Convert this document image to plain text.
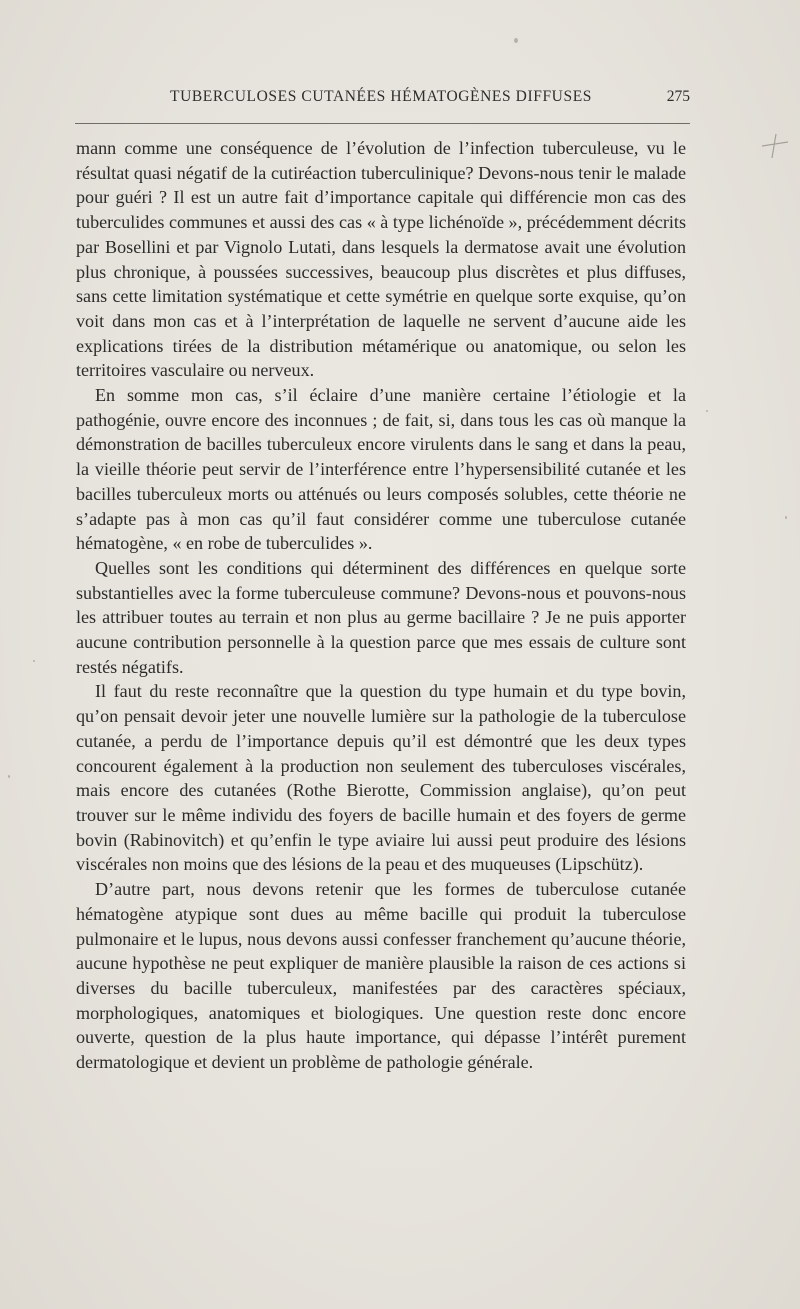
TUBERCULOSES CUTANÉES HÉMATOGÈNES DIFFUSES	275

mann comme une conséquence de l’évolution de l’infection tuberculeuse, vu le résultat quasi négatif de la cutiréaction tuberculinique? Devons-nous tenir le malade pour guéri ? Il est un autre fait d’importance capitale qui différencie mon cas des tuberculides communes et aussi des cas « à type lichénoïde », précédemment décrits par Bosellini et par Vignolo Lutati, dans lesquels la dermatose avait une évolution plus chronique, à poussées successives, beaucoup plus discrètes et plus diffuses, sans cette limitation systématique et cette symétrie en quelque sorte exquise, qu’on voit dans mon cas et à l’interprétation de laquelle ne servent d’aucune aide les explications tirées de la distribution métamérique ou anatomique, ou selon les territoires vasculaire ou nerveux.

En somme mon cas, s’il éclaire d’une manière certaine l’étiologie et la pathogénie, ouvre encore des inconnues ; de fait, si, dans tous les cas où manque la démonstration de bacilles tuberculeux encore virulents dans le sang et dans la peau, la vieille théorie peut servir de l’interférence entre l’hypersensibilité cutanée et les bacilles tuberculeux morts ou atténués ou leurs composés solubles, cette théorie ne s’adapte pas à mon cas qu’il faut considérer comme une tuberculose cutanée hématogène, « en robe de tuberculides ».

Quelles sont les conditions qui déterminent des différences en quelque sorte substantielles avec la forme tuberculeuse commune? Devons-nous et pouvons-nous les attribuer toutes au terrain et non plus au germe bacillaire ? Je ne puis apporter aucune contribution personnelle à la question parce que mes essais de culture sont restés négatifs.

Il faut du reste reconnaître que la question du type humain et du type bovin, qu’on pensait devoir jeter une nouvelle lumière sur la pathologie de la tuberculose cutanée, a perdu de l’importance depuis qu’il est démontré que les deux types concourent également à la production non seulement des tuberculoses viscérales, mais encore des cutanées (Rothe Bierotte, Commission anglaise), qu’on peut trouver sur le même individu des foyers de bacille humain et des foyers de germe bovin (Rabinovitch) et qu’enfin le type aviaire lui aussi peut produire des lésions viscérales non moins que des lésions de la peau et des muqueuses (Lipschütz).

D’autre part, nous devons retenir que les formes de tuberculose cutanée hématogène atypique sont dues au même bacille qui produit la tuberculose pulmonaire et le lupus, nous devons aussi confesser franchement qu’aucune théorie, aucune hypothèse ne peut expliquer de manière plausible la raison de ces actions si diverses du bacille tuberculeux, manifestées par des caractères spéciaux, morphologiques, anatomiques et biologiques. Une question reste donc encore ouverte, question de la plus haute importance, qui dépasse l’intérêt purement dermatologique et devient un problème de pathologie générale.
